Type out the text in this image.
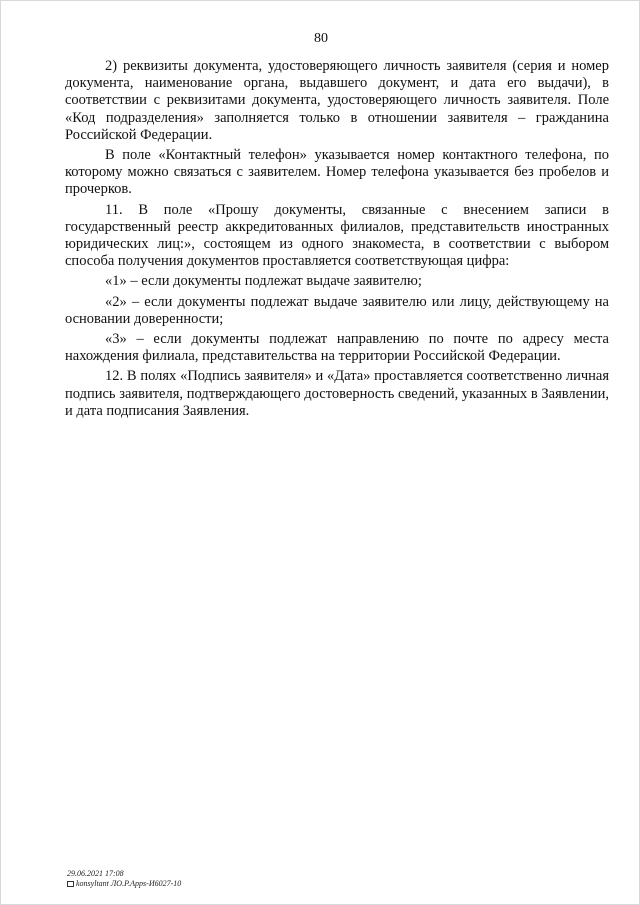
80

2) реквизиты документа, удостоверяющего личность заявителя (серия и номер документа, наименование органа, выдавшего документ, и дата его выдачи), в соответствии с реквизитами документа, удостоверяющего личность заявителя. Поле «Код подразделения» заполняется только в отношении заявителя – гражданина Российской Федерации.

В поле «Контактный телефон» указывается номер контактного телефона, по которому можно связаться с заявителем. Номер телефона указывается без пробелов и прочерков.

11. В поле «Прошу документы, связанные с внесением записи в государственный реестр аккредитованных филиалов, представительств иностранных юридических лиц:», состоящем из одного знакоместа, в соответствии с выбором способа получения документов проставляется соответствующая цифра:

«1» – если документы подлежат выдаче заявителю;

«2» – если документы подлежат выдаче заявителю или лицу, действующему на основании доверенности;

«3» – если документы подлежат направлению по почте по адресу места нахождения филиала, представительства на территории Российской Федерации.

12. В полях «Подпись заявителя» и «Дата» проставляется соответственно личная подпись заявителя, подтверждающего достоверность сведений, указанных в Заявлении, и дата подписания Заявления.

29.06.2021 17:08
konsyltant ЛО.Р.Apps-И6027-10
